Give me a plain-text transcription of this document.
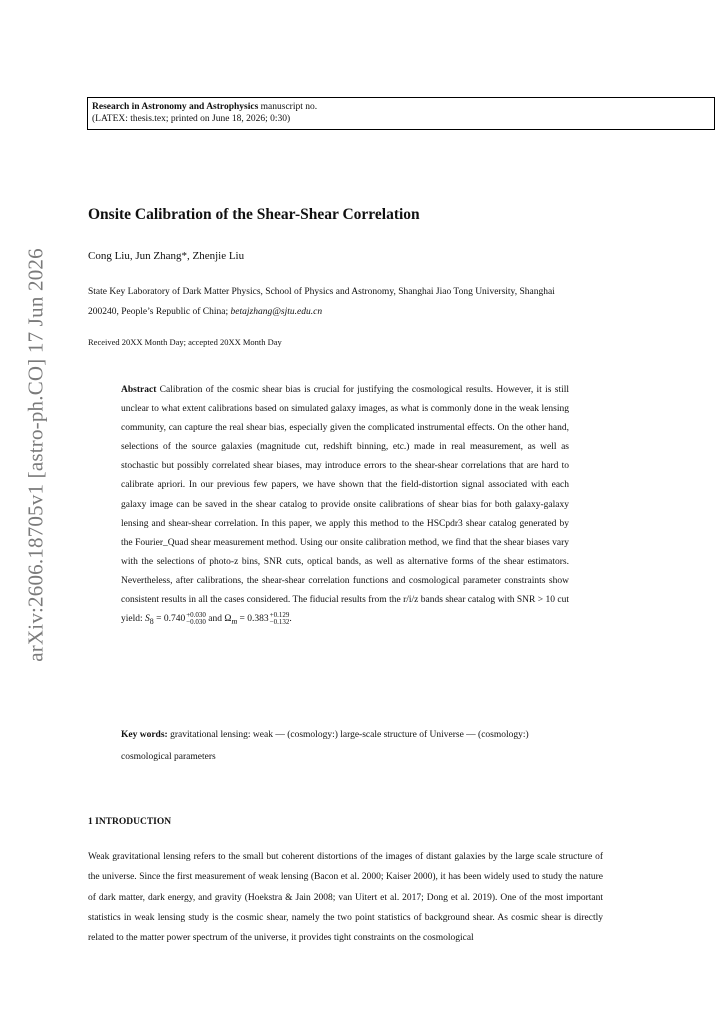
Research in Astronomy and Astrophysics manuscript no.
(LATEX: thesis.tex; printed on June 18, 2026; 0:30)
arXiv:2606.18705v1 [astro-ph.CO] 17 Jun 2026
Onsite Calibration of the Shear-Shear Correlation
Cong Liu, Jun Zhang*, Zhenjie Liu
State Key Laboratory of Dark Matter Physics, School of Physics and Astronomy, Shanghai Jiao Tong University, Shanghai 200240, People’s Republic of China; betajzhang@sjtu.edu.cn
Received 20XX Month Day; accepted 20XX Month Day
Abstract Calibration of the cosmic shear bias is crucial for justifying the cosmological results. However, it is still unclear to what extent calibrations based on simulated galaxy images, as what is commonly done in the weak lensing community, can capture the real shear bias, especially given the complicated instrumental effects. On the other hand, selections of the source galaxies (magnitude cut, redshift binning, etc.) made in real measurement, as well as stochastic but possibly correlated shear biases, may introduce errors to the shear-shear correlations that are hard to calibrate apriori. In our previous few papers, we have shown that the field-distortion signal associated with each galaxy image can be saved in the shear catalog to provide onsite calibrations of shear bias for both galaxy-galaxy lensing and shear-shear correlation. In this paper, we apply this method to the HSCpdr3 shear catalog generated by the Fourier_Quad shear measurement method. Using our onsite calibration method, we find that the shear biases vary with the selections of photo-z bins, SNR cuts, optical bands, as well as alternative forms of the shear estimators. Nevertheless, after calibrations, the shear-shear correlation functions and cosmological parameter constraints show consistent results in all the cases considered. The fiducial results from the r/i/z bands shear catalog with SNR > 10 cut yield: $S_8 = 0.740 +0.030$
−0.030 and $\Omega_m = 0.383 +0.129$
−0.132 .
Key words: gravitational lensing: weak — (cosmology:) large-scale structure of Universe — (cosmology:) cosmological parameters
1 INTRODUCTION
Weak gravitational lensing refers to the small but coherent distortions of the images of distant galaxies by the large scale structure of the universe. Since the first measurement of weak lensing (Bacon et al. 2000; Kaiser 2000), it has been widely used to study the nature of dark matter, dark energy, and gravity (Hoekstra & Jain 2008; van Uitert et al. 2017; Dong et al. 2019). One of the most important statistics in weak lensing study is the cosmic shear, namely the two point statistics of background shear. As cosmic shear is directly related to the matter power spectrum of the universe, it provides tight constraints on the cosmological
